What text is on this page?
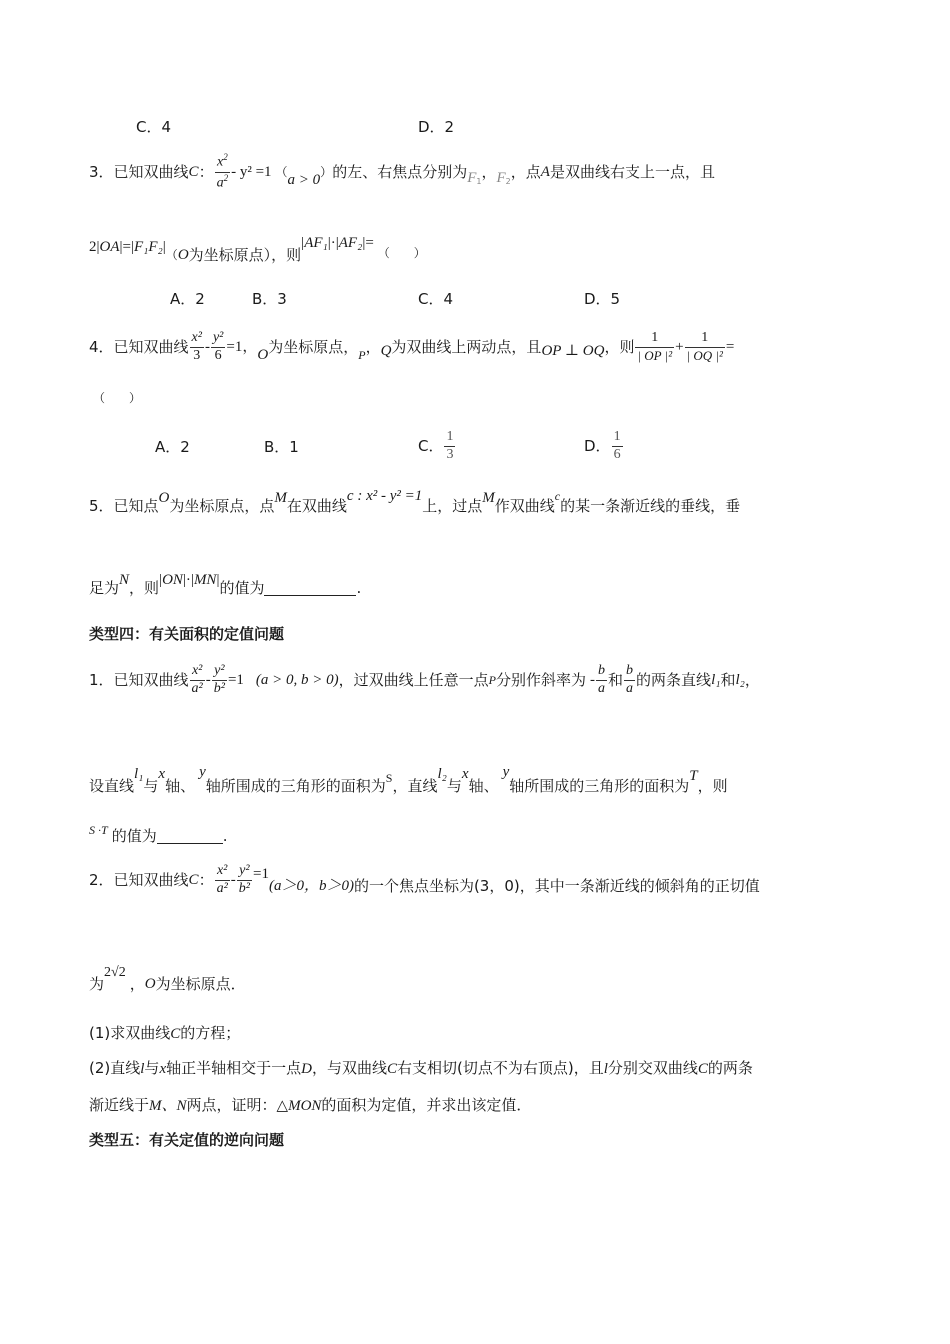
C．4	D．2
3．已知双曲线 C ： $\frac{x^2}{a^2} - y^2 =1$ （ a > 0 ） 的左、右焦点分别为 F 1
， F 2
，点 A 是双曲线右支上一点，且
2 | OA | = | F₁F₂ |
（ O 为坐标原点），则
| AF₁ | · | AF₂ | =
（　　）
A．2	B．3	C．4	D．5
4．已知双曲线 $\frac{\text{x²}}{3} - \frac{\text{y²}}{6} =1$， O 为坐标原点， P ， Q 为双曲线上两动点，且 OP ⊥ OQ ，则 $\frac{1}{\text{| OP |²}} + \frac{1}{\text{| OQ |²}}$ =
（　　）
A．2	B．1	C． $\frac{1}{3}$	D． $\frac{1}{6}$
5．已知点 O 为坐标原点，点 M 在双曲线
c : x² - y² =1
上，过点 M 作双曲线
c
的某一条渐近线的垂线，垂
足为 N ，则 | ON | · | MN | 的值为	.
类型四：有关面积的定值问题
1．已知双曲线 $\frac{\text{x²}}{\text{a²}} - \frac{\text{y²}}{\text{b²}} =1$ (a > 0, b > 0) ，过双曲线上任意一点 P 分别作斜率为 - $\frac{b}{a}$ 和 $\frac{b}{a}$ 的两条直线 l₁ 和 l₂ ，
设直线
l₁
与
x
轴、
y
轴所围成的三角形的面积为 S ，直线
l₂
与
x
轴、
y
轴所围成的三角形的面积为
T
，则
S ·T 的值为	.
2．已知双曲线 C ： $\frac{\text{x²}}{\text{a²}} - \frac{\text{y²}}{\text{b²}} =1$
(a＞0，b＞0) 的一个焦点坐标为(3，0)，其中一条渐近线的倾斜角的正切值
为
2√2
， O 为坐标原点．
(1)求双曲线C的方程；
(2)直线l与x轴正半轴相交于一点D，与双曲线C右支相切(切点不为右顶点)，且l分别交双曲线C的两条
渐近线于M、N两点，证明：△MON的面积为定值，并求出该定值．
类型五：有关定值的逆向问题
